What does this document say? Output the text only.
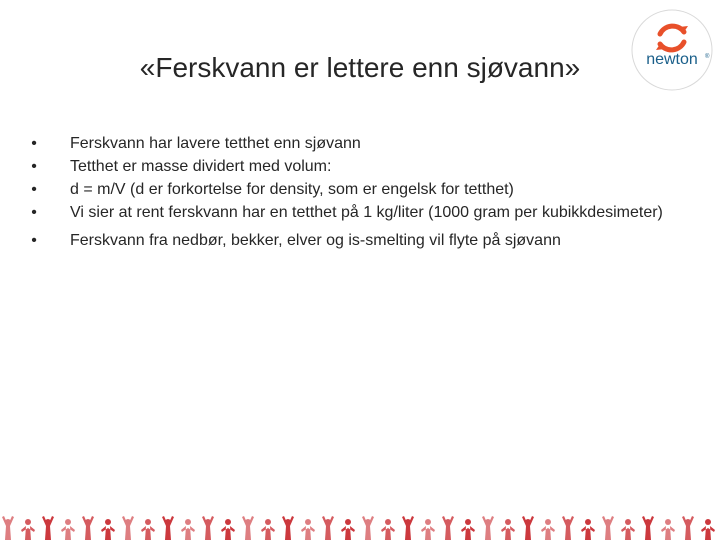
«Ferskvann er lettere enn sjøvann»	newton ®
• Ferskvann har lavere tetthet enn sjøvann
• Tetthet er masse dividert med volum:
• d = m/V (d er forkortelse for density, som er engelsk for tetthet)
• Vi sier at rent ferskvann har en tetthet på 1 kg/liter (1000 gram per kubikkdesimeter)
• Ferskvann fra nedbør, bekker, elver og is-smelting vil flyte på sjøvann
